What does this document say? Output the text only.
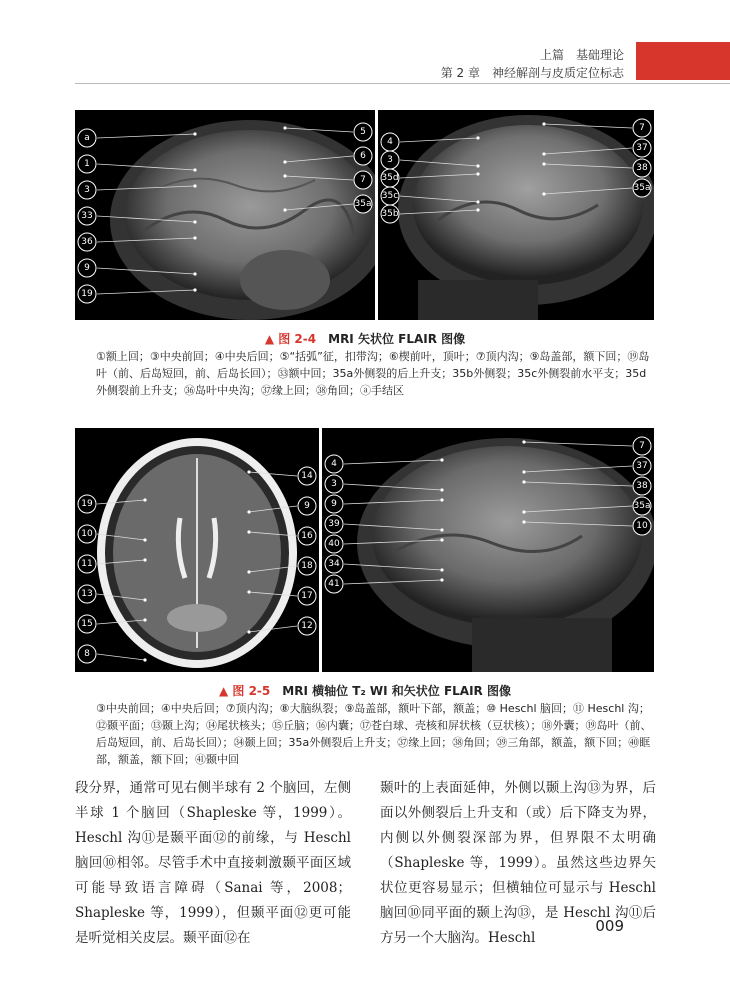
上篇　基础理论
第 2 章　神经解剖与皮质定位标志
a
1
3
33
36
9
19
5
6
7
35a
4
3
35d
35c
35b
7
37
38
35a
▲ 图 2-4　 MRI 矢状位 FLAIR 图像
①额上回；③中央前回；④中央后回；⑤“括弧”征，扣带沟；⑥楔前叶，顶叶；⑦顶内沟；⑨岛盖部，额下回；⑲岛叶（前、后岛短回，前、后岛长回）；㉝额中回；35a外侧裂的后上升支；35b外侧裂；35c外侧裂前水平支；35d外侧裂前上升支；㊱岛叶中央沟；㊲缘上回；㊳角回；ⓐ手结区
19
10
11
13
15
8
14
9
16
18
17
12
4
3
9
39
40
34
41
7
37
38
35a
10
▲ 图 2-5　 MRI 横轴位 T₂ WI 和矢状位 FLAIR 图像
③中央前回；④中央后回；⑦顶内沟；⑧大脑纵裂；⑨岛盖部，额叶下部，额盖；⑩ Heschl 脑回；⑪ Heschl 沟；⑫颞平面；⑬颞上沟；⑭尾状核头；⑮丘脑；⑯内囊；⑰苍白球、壳核和屏状核（豆状核）；⑱外囊；⑲岛叶（前、后岛短回，前、后岛长回）；㉞颞上回；35a外侧裂后上升支；㊲缘上回；㊳角回；㊴三角部，额盖，额下回；㊵眶部，额盖，额下回；㊶颞中回
段分界，通常可见右侧半球有 2 个脑回，左侧半球 1 个脑回（Shapleske 等，1999）。Heschl 沟⑪是颞平面⑫的前缘，与 Heschl 脑回⑩相邻。尽管手术中直接刺激颞平面区域可能导致语言障碍（Sanai 等，2008；Shapleske 等，1999），但颞平面⑫更可能是听觉相关皮层。颞平面⑫在
颞叶的上表面延伸，外侧以颞上沟⑬为界，后面以外侧裂后上升支和（或）后下降支为界，内侧以外侧裂深部为界，但界限不太明确（Shapleske 等，1999）。虽然这些边界矢状位更容易显示；但横轴位可显示与 Heschl 脑回⑩同平面的颞上沟⑬，是 Heschl 沟⑪后方另一个大脑沟。Heschl
009
